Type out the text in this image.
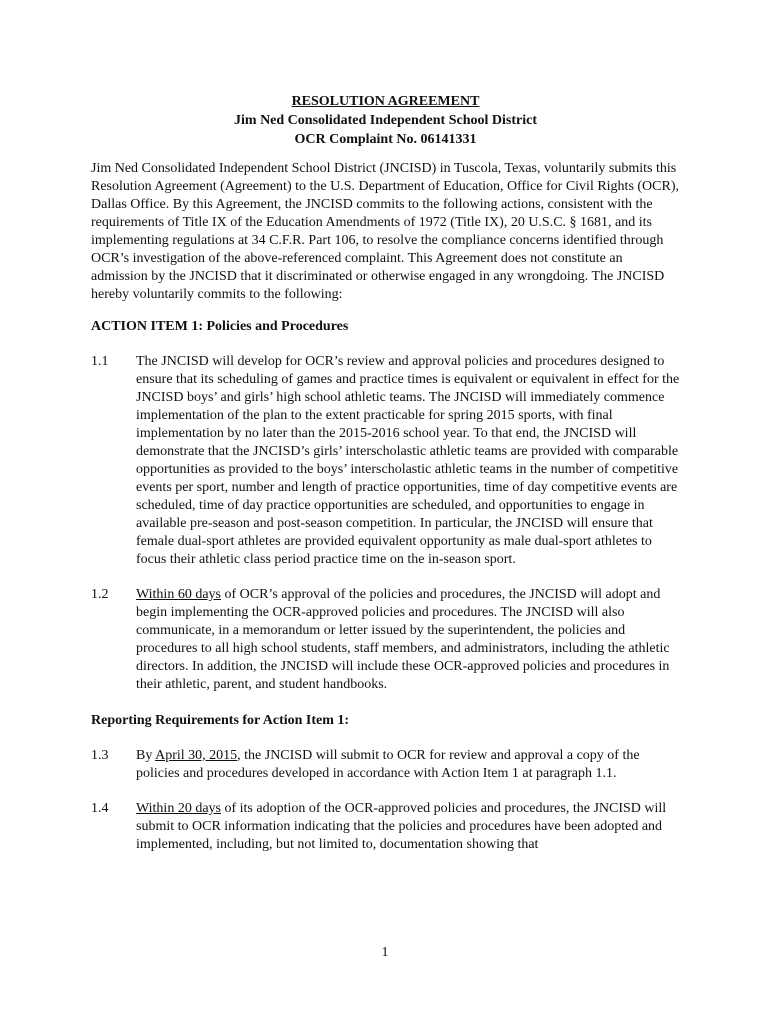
RESOLUTION AGREEMENT
Jim Ned Consolidated Independent School District
OCR Complaint No. 06141331

Jim Ned Consolidated Independent School District (JNCISD) in Tuscola, Texas, voluntarily submits this Resolution Agreement (Agreement) to the U.S. Department of Education, Office for Civil Rights (OCR), Dallas Office. By this Agreement, the JNCISD commits to the following actions, consistent with the requirements of Title IX of the Education Amendments of 1972 (Title IX), 20 U.S.C. § 1681, and its implementing regulations at 34 C.F.R. Part 106, to resolve the compliance concerns identified through OCR’s investigation of the above-referenced complaint. This Agreement does not constitute an admission by the JNCISD that it discriminated or otherwise engaged in any wrongdoing. The JNCISD hereby voluntarily commits to the following:

ACTION ITEM 1: Policies and Procedures

1.1	The JNCISD will develop for OCR’s review and approval policies and procedures designed to ensure that its scheduling of games and practice times is equivalent or equivalent in effect for the JNCISD boys’ and girls’ high school athletic teams. The JNCISD will immediately commence implementation of the plan to the extent practicable for spring 2015 sports, with final implementation by no later than the 2015-2016 school year. To that end, the JNCISD will demonstrate that the JNCISD’s girls’ interscholastic athletic teams are provided with comparable opportunities as provided to the boys’ interscholastic athletic teams in the number of competitive events per sport, number and length of practice opportunities, time of day competitive events are scheduled, time of day practice opportunities are scheduled, and opportunities to engage in available pre-season and post-season competition. In particular, the JNCISD will ensure that female dual-sport athletes are provided equivalent opportunity as male dual-sport athletes to focus their athletic class period practice time on the in-season sport.
1.2	Within 60 days of OCR’s approval of the policies and procedures, the JNCISD will adopt and begin implementing the OCR-approved policies and procedures. The JNCISD will also communicate, in a memorandum or letter issued by the superintendent, the policies and procedures to all high school students, staff members, and administrators, including the athletic directors. In addition, the JNCISD will include these OCR-approved policies and procedures in their athletic, parent, and student handbooks.

Reporting Requirements for Action Item 1:

1.3	By April 30, 2015, the JNCISD will submit to OCR for review and approval a copy of the policies and procedures developed in accordance with Action Item 1 at paragraph 1.1.
1.4	Within 20 days of its adoption of the OCR-approved policies and procedures, the JNCISD will submit to OCR information indicating that the policies and procedures have been adopted and implemented, including, but not limited to, documentation showing that
1
